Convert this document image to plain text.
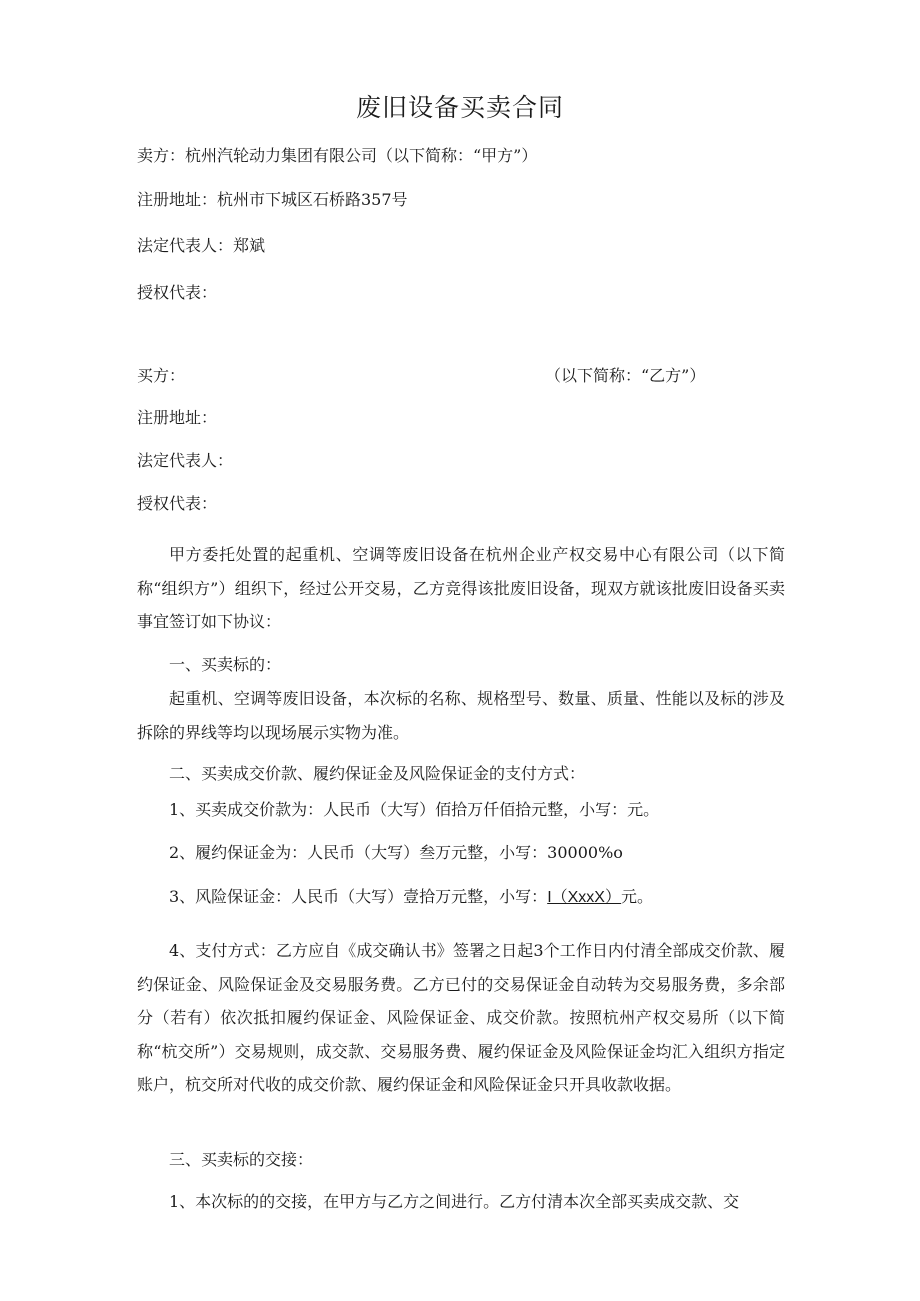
废旧设备买卖合同
卖方：杭州汽轮动力集团有限公司（以下简称：“甲方”）
注册地址：杭州市下城区石桥路357号
法定代表人：郑斌
授权代表：
买方：	（以下简称：“乙方”）
注册地址：
法定代表人：
授权代表：
甲方委托处置的起重机、空调等废旧设备在杭州企业产权交易中心有限公司（以下简称“组织方”）组织下，经过公开交易，乙方竞得该批废旧设备，现双方就该批废旧设备买卖事宜签订如下协议：
一、买卖标的：
起重机、空调等废旧设备，本次标的名称、规格型号、数量、质量、性能以及标的涉及拆除的界线等均以现场展示实物为准。
二、买卖成交价款、履约保证金及风险保证金的支付方式：
1、买卖成交价款为：人民币（大写）佰拾万仟佰拾元整，小写：元。
2、履约保证金为：人民币（大写）叁万元整，小写：30000%o
3、风险保证金：人民币（大写）壹拾万元整，小写：I（XxxX）元。
4、支付方式：乙方应自《成交确认书》签署之日起3个工作日内付清全部成交价款、履约保证金、风险保证金及交易服务费。乙方已付的交易保证金自动转为交易服务费，多余部分（若有）依次抵扣履约保证金、风险保证金、成交价款。按照杭州产权交易所（以下简称“杭交所”）交易规则，成交款、交易服务费、履约保证金及风险保证金均汇入组织方指定账户，杭交所对代收的成交价款、履约保证金和风险保证金只开具收款收据。
三、买卖标的交接：
1、本次标的的交接，在甲方与乙方之间进行。乙方付清本次全部买卖成交款、交
